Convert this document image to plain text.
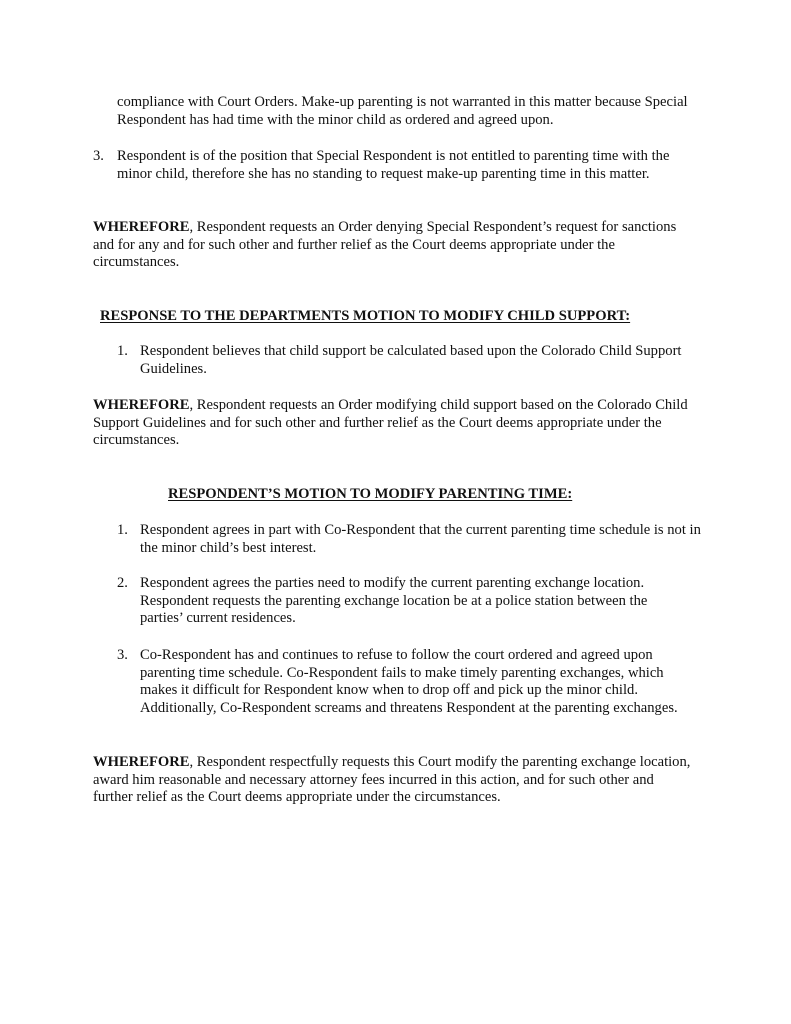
compliance with Court Orders. Make-up parenting is not warranted in this matter because Special Respondent has had time with the minor child as ordered and agreed upon.

3. Respondent is of the position that Special Respondent is not entitled to parenting time with the minor child, therefore she has no standing to request make-up parenting time in this matter.

WHEREFORE, Respondent requests an Order denying Special Respondent’s request for sanctions and for any and for such other and further relief as the Court deems appropriate under the circumstances.

RESPONSE TO THE DEPARTMENTS MOTION TO MODIFY CHILD SUPPORT:
1. Respondent believes that child support be calculated based upon the Colorado Child Support Guidelines.

WHEREFORE, Respondent requests an Order modifying child support based on the Colorado Child Support Guidelines and for such other and further relief as the Court deems appropriate under the circumstances.

RESPONDENT’S MOTION TO MODIFY PARENTING TIME:
1. Respondent agrees in part with Co-Respondent that the current parenting time schedule is not in the minor child’s best interest.

2. Respondent agrees the parties need to modify the current parenting exchange location. Respondent requests the parenting exchange location be at a police station between the parties’ current residences.

3. Co-Respondent has and continues to refuse to follow the court ordered and agreed upon parenting time schedule. Co-Respondent fails to make timely parenting exchanges, which makes it difficult for Respondent know when to drop off and pick up the minor child. Additionally, Co-Respondent screams and threatens Respondent at the parenting exchanges.

WHEREFORE, Respondent respectfully requests this Court modify the parenting exchange location, award him reasonable and necessary attorney fees incurred in this action, and for such other and further relief as the Court deems appropriate under the circumstances.
